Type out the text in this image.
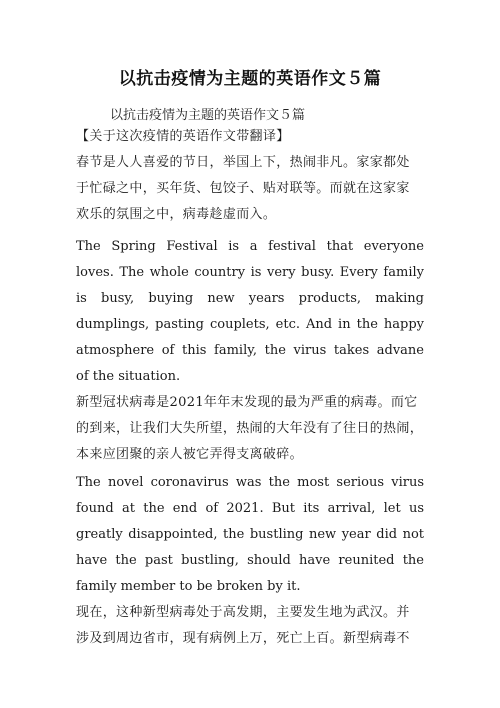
以抗击疫情为主题的英语作文５篇
以抗击疫情为主题的英语作文５篇
【关于这次疫情的英语作文带翻译】
春节是人人喜爱的节日，举国上下，热闹非凡。家家都处
于忙碌之中，买年货、包饺子、贴对联等。而就在这家家
欢乐的氛围之中，病毒趁虚而入。
The Spring Festival is a festival that everyone
loves. The whole country is very busy. Every family
is busy, buying new years products, making
dumplings, pasting couplets, etc. And in the happy
atmosphere of this family, the virus takes advane
of the situation.
新型冠状病毒是2021年年末发现的最为严重的病毒。而它
的到来，让我们大失所望，热闹的大年没有了往日的热闹，
本来应团聚的亲人被它弄得支离破碎。
The novel coronavirus was the most serious virus
found at the end of 2021. But its arrival, let us
greatly disappointed, the bustling new year did not
have the past bustling, should have reunited the
family member to be broken by it.
现在，这种新型病毒处于高发期，主要发生地为武汉。并
涉及到周边省市，现有病例上万，死亡上百。新型病毒不
